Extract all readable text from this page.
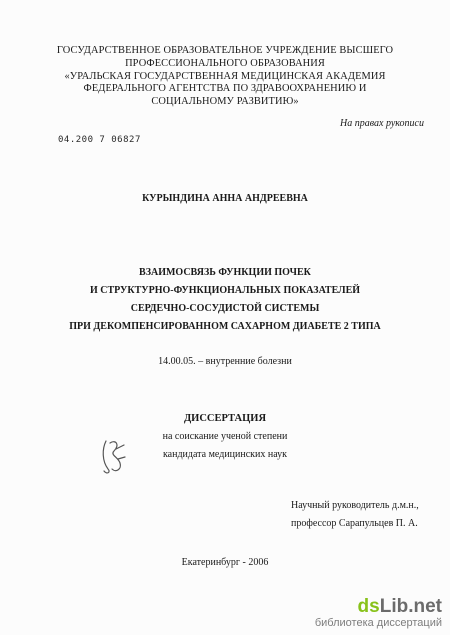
ГОСУДАРСТВЕННОЕ ОБРАЗОВАТЕЛЬНОЕ УЧРЕЖДЕНИЕ ВЫСШЕГО
ПРОФЕССИОНАЛЬНОГО ОБРАЗОВАНИЯ
«УРАЛЬСКАЯ ГОСУДАРСТВЕННАЯ МЕДИЦИНСКАЯ АКАДЕМИЯ
ФЕДЕРАЛЬНОГО АГЕНТСТВА ПО ЗДРАВООХРАНЕНИЮ И
СОЦИАЛЬНОМУ РАЗВИТИЮ»
На правах рукописи
04.200 7 06827
КУРЫНДИНА АННА АНДРЕЕВНА
ВЗАИМОСВЯЗЬ ФУНКЦИИ ПОЧЕК
И СТРУКТУРНО-ФУНКЦИОНАЛЬНЫХ ПОКАЗАТЕЛЕЙ
СЕРДЕЧНО-СОСУДИСТОЙ СИСТЕМЫ
ПРИ ДЕКОМПЕНСИРОВАННОМ САХАРНОМ ДИАБЕТЕ 2 ТИПА
14.00.05. – внутренние болезни
ДИССЕРТАЦИЯ
на соискание ученой степени
кандидата медицинских наук
Научный руководитель д.м.н.,
профессор Сарапульцев П. А.
Екатеринбург - 2006
dsLib.net
библиотека диссертаций
